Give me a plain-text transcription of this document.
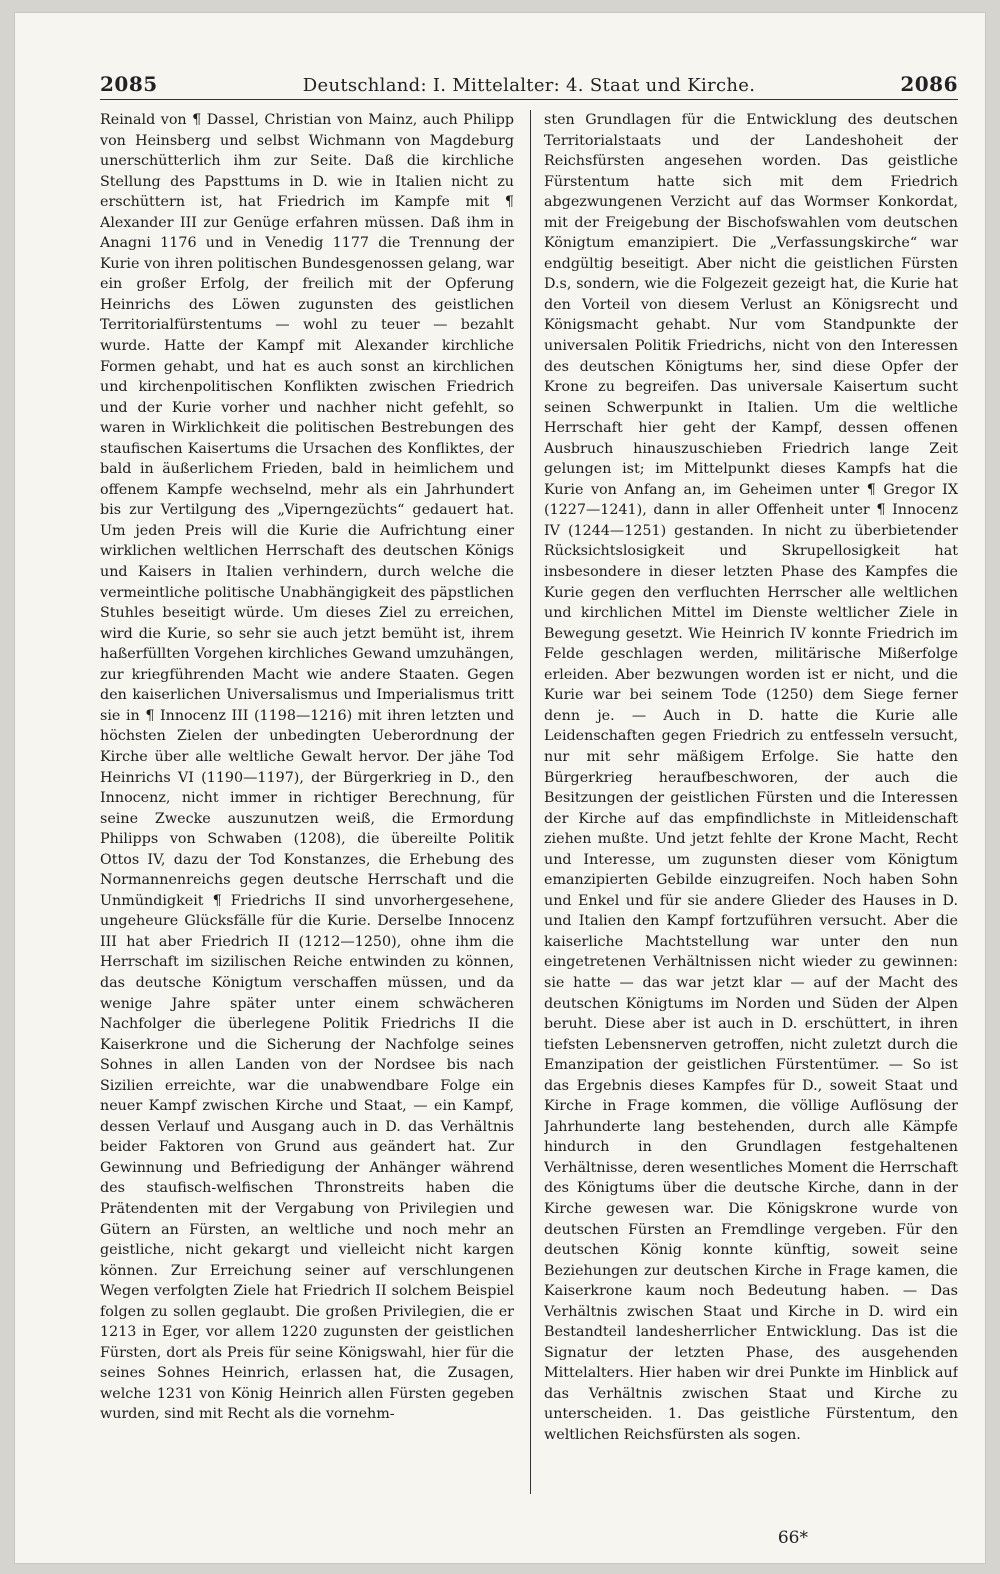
2085	Deutschland: I. Mittelalter: 4. Staat und Kirche.	2086

Reinald von ¶ Dassel, Christian von Mainz, auch Philipp von Heinsberg und selbst Wichmann von Magdeburg unerschütterlich ihm zur Seite. Daß die kirchliche Stellung des Papsttums in D. wie in Italien nicht zu erschüttern ist, hat Friedrich im Kampfe mit ¶ Alexander III zur Genüge erfahren müssen. Daß ihm in Anagni 1176 und in Venedig 1177 die Trennung der Kurie von ihren politischen Bundesgenossen gelang, war ein großer Erfolg, der freilich mit der Opferung Heinrichs des Löwen zugunsten des geistlichen Territorialfürstentums — wohl zu teuer — bezahlt wurde. Hatte der Kampf mit Alexander kirchliche Formen gehabt, und hat es auch sonst an kirchlichen und kirchenpolitischen Konflikten zwischen Friedrich und der Kurie vorher und nachher nicht gefehlt, so waren in Wirklichkeit die politischen Bestrebungen des staufischen Kaisertums die Ursachen des Konfliktes, der bald in äußerlichem Frieden, bald in heimlichem und offenem Kampfe wechselnd, mehr als ein Jahrhundert bis zur Vertilgung des „Viperngezüchts“ gedauert hat. Um jeden Preis will die Kurie die Aufrichtung einer wirklichen weltlichen Herrschaft des deutschen Königs und Kaisers in Italien verhindern, durch welche die vermeintliche politische Unabhängigkeit des päpstlichen Stuhles beseitigt würde. Um dieses Ziel zu erreichen, wird die Kurie, so sehr sie auch jetzt bemüht ist, ihrem haßerfüllten Vorgehen kirchliches Gewand umzuhängen, zur kriegführenden Macht wie andere Staaten. Gegen den kaiserlichen Universalismus und Imperialismus tritt sie in ¶ Innocenz III (1198—1216) mit ihren letzten und höchsten Zielen der unbedingten Ueberordnung der Kirche über alle weltliche Gewalt hervor. Der jähe Tod Heinrichs VI (1190—1197), der Bürgerkrieg in D., den Innocenz, nicht immer in richtiger Berechnung, für seine Zwecke auszunutzen weiß, die Ermordung Philipps von Schwaben (1208), die übereilte Politik Ottos IV, dazu der Tod Konstanzes, die Erhebung des Normannenreichs gegen deutsche Herrschaft und die Unmündigkeit ¶ Friedrichs II sind unvorhergesehene, ungeheure Glücksfälle für die Kurie. Derselbe Innocenz III hat aber Friedrich II (1212—1250), ohne ihm die Herrschaft im sizilischen Reiche entwinden zu können, das deutsche Königtum verschaffen müssen, und da wenige Jahre später unter einem schwächeren Nachfolger die überlegene Politik Friedrichs II die Kaiserkrone und die Sicherung der Nachfolge seines Sohnes in allen Landen von der Nordsee bis nach Sizilien erreichte, war die unabwendbare Folge ein neuer Kampf zwischen Kirche und Staat, — ein Kampf, dessen Verlauf und Ausgang auch in D. das Verhältnis beider Faktoren von Grund aus geändert hat. Zur Gewinnung und Befriedigung der Anhänger während des staufisch-welfischen Thronstreits haben die Prätendenten mit der Vergabung von Privilegien und Gütern an Fürsten, an weltliche und noch mehr an geistliche, nicht gekargt und vielleicht nicht kargen können. Zur Erreichung seiner auf verschlungenen Wegen verfolgten Ziele hat Friedrich II solchem Beispiel folgen zu sollen geglaubt. Die großen Privilegien, die er 1213 in Eger, vor allem 1220 zugunsten der geistlichen Fürsten, dort als Preis für seine Königswahl, hier für die seines Sohnes Heinrich, erlassen hat, die Zusagen, welche 1231 von König Heinrich allen Fürsten gegeben wurden, sind mit Recht als die vornehm-

sten Grundlagen für die Entwicklung des deutschen Territorialstaats und der Landeshoheit der Reichsfürsten angesehen worden. Das geistliche Fürstentum hatte sich mit dem Friedrich abgezwungenen Verzicht auf das Wormser Konkordat, mit der Freigebung der Bischofswahlen vom deutschen Königtum emanzipiert. Die „Verfassungskirche“ war endgültig beseitigt. Aber nicht die geistlichen Fürsten D.s, sondern, wie die Folgezeit gezeigt hat, die Kurie hat den Vorteil von diesem Verlust an Königsrecht und Königsmacht gehabt. Nur vom Standpunkte der universalen Politik Friedrichs, nicht von den Interessen des deutschen Königtums her, sind diese Opfer der Krone zu begreifen. Das universale Kaisertum sucht seinen Schwerpunkt in Italien. Um die weltliche Herrschaft hier geht der Kampf, dessen offenen Ausbruch hinauszuschieben Friedrich lange Zeit gelungen ist; im Mittelpunkt dieses Kampfs hat die Kurie von Anfang an, im Geheimen unter ¶ Gregor IX (1227—1241), dann in aller Offenheit unter ¶ Innocenz IV (1244—1251) gestanden. In nicht zu überbietender Rücksichtslosigkeit und Skrupellosigkeit hat insbesondere in dieser letzten Phase des Kampfes die Kurie gegen den verfluchten Herrscher alle weltlichen und kirchlichen Mittel im Dienste weltlicher Ziele in Bewegung gesetzt. Wie Heinrich IV konnte Friedrich im Felde geschlagen werden, militärische Mißerfolge erleiden. Aber bezwungen worden ist er nicht, und die Kurie war bei seinem Tode (1250) dem Siege ferner denn je. — Auch in D. hatte die Kurie alle Leidenschaften gegen Friedrich zu entfesseln versucht, nur mit sehr mäßigem Erfolge. Sie hatte den Bürgerkrieg heraufbeschworen, der auch die Besitzungen der geistlichen Fürsten und die Interessen der Kirche auf das empfindlichste in Mitleidenschaft ziehen mußte. Und jetzt fehlte der Krone Macht, Recht und Interesse, um zugunsten dieser vom Königtum emanzipierten Gebilde einzugreifen. Noch haben Sohn und Enkel und für sie andere Glieder des Hauses in D. und Italien den Kampf fortzuführen versucht. Aber die kaiserliche Machtstellung war unter den nun eingetretenen Verhältnissen nicht wieder zu gewinnen: sie hatte — das war jetzt klar — auf der Macht des deutschen Königtums im Norden und Süden der Alpen beruht. Diese aber ist auch in D. erschüttert, in ihren tiefsten Lebensnerven getroffen, nicht zuletzt durch die Emanzipation der geistlichen Fürstentümer. — So ist das Ergebnis dieses Kampfes für D., soweit Staat und Kirche in Frage kommen, die völlige Auflösung der Jahrhunderte lang bestehenden, durch alle Kämpfe hindurch in den Grundlagen festgehaltenen Verhältnisse, deren wesentliches Moment die Herrschaft des Königtums über die deutsche Kirche, dann in der Kirche gewesen war. Die Königskrone wurde von deutschen Fürsten an Fremdlinge vergeben. Für den deutschen König konnte künftig, soweit seine Beziehungen zur deutschen Kirche in Frage kamen, die Kaiserkrone kaum noch Bedeutung haben. — Das Verhältnis zwischen Staat und Kirche in D. wird ein Bestandteil landesherrlicher Entwicklung. Das ist die Signatur der letzten Phase, des ausgehenden Mittelalters. Hier haben wir drei Punkte im Hinblick auf das Verhältnis zwischen Staat und Kirche zu unterscheiden. 1. Das geistliche Fürstentum, den weltlichen Reichsfürsten als sogen.

66*
